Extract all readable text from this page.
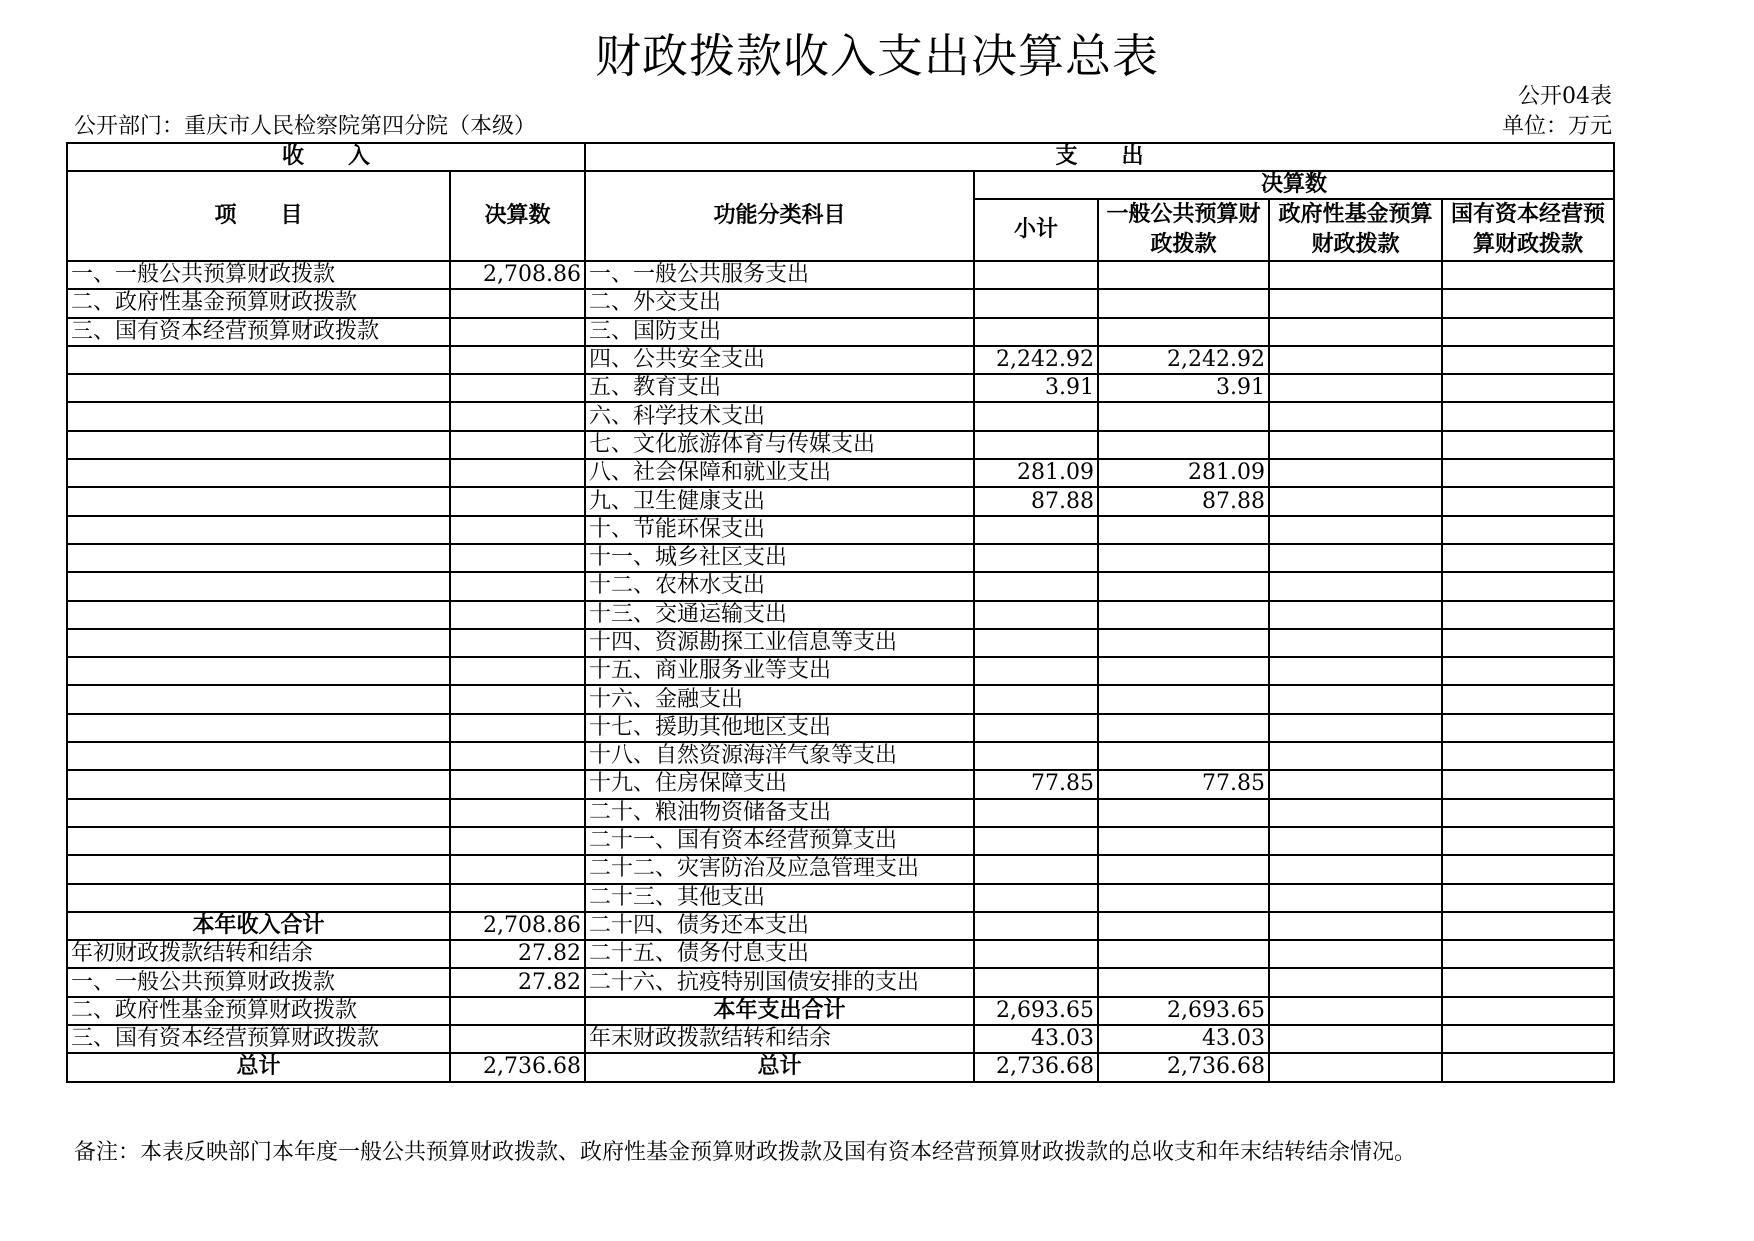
财政拨款收入支出决算总表
公开04表
公开部门：重庆市人民检察院第四分院（本级）	单位：万元
收　　入		支　　出				
项　　目	决算数	功能分类科目	决算数			
			小计	一般公共预算财政拨款	政府性基金预算财政拨款	国有资本经营预算财政拨款

一、一般公共预算财政拨款	2,708.86	一、一般公共服务支出				
二、政府性基金预算财政拨款		二、外交支出				
三、国有资本经营预算财政拨款		三、国防支出				
		四、公共安全支出	2,242.92	2,242.92		
		五、教育支出	3.91	3.91		
		六、科学技术支出				
		七、文化旅游体育与传媒支出				
		八、社会保障和就业支出	281.09	281.09		
		九、卫生健康支出	87.88	87.88		
		十、节能环保支出				
		十一、城乡社区支出				
		十二、农林水支出				
		十三、交通运输支出				
		十四、资源勘探工业信息等支出				
		十五、商业服务业等支出				
		十六、金融支出				
		十七、援助其他地区支出				
		十八、自然资源海洋气象等支出				
		十九、住房保障支出	77.85	77.85		
		二十、粮油物资储备支出				
		二十一、国有资本经营预算支出				
		二十二、灾害防治及应急管理支出				
		二十三、其他支出				
本年收入合计	2,708.86	二十四、债务还本支出				
年初财政拨款结转和结余	27.82	二十五、债务付息支出				
一、一般公共预算财政拨款	27.82	二十六、抗疫特别国债安排的支出				
二、政府性基金预算财政拨款		本年支出合计	2,693.65	2,693.65		
三、国有资本经营预算财政拨款		年末财政拨款结转和结余	43.03	43.03		
总计	2,736.68	总计	2,736.68	2,736.68		
备注：本表反映部门本年度一般公共预算财政拨款、政府性基金预算财政拨款及国有资本经营预算财政拨款的总收支和年末结转结余情况。
